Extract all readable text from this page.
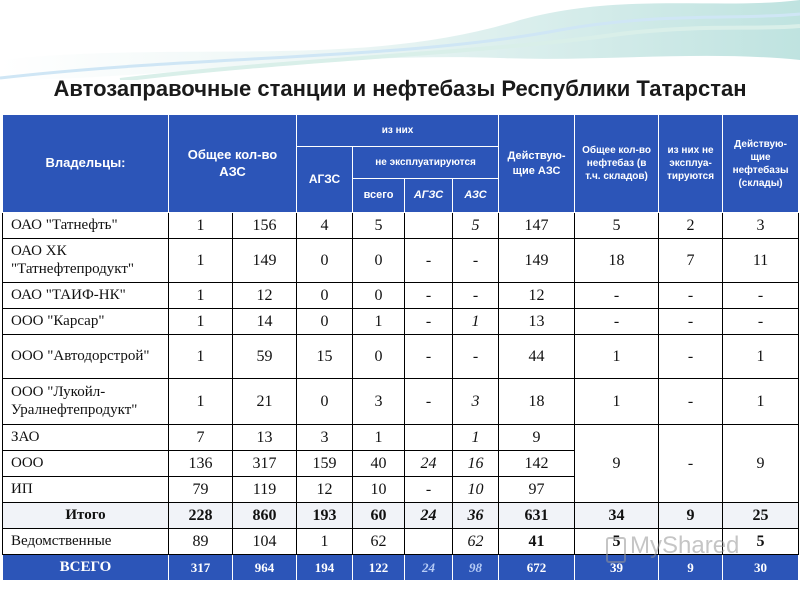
Автозаправочные станции и нефтебазы Республики Татарстан
Владельцы:	Общее кол-во АЗС		из них				Действую-щие АЗС	Общее кол-во нефтебаз (в т.ч. складов)	из них не эксплуа-тируются	Действую-щие нефтебазы (склады)
			АГЗС	не эксплуатируются						
				всего	АГЗС	АЗС				
ОАО "Татнефть"	1	156	4	5		5	147	5	2	3
ОАО ХК "Татнефтепродукт"	1	149	0	0	-	-	149	18	7	11
ОАО "ТАИФ-НК"	1	12	0	0	-	-	12	-	-	-
ООО "Карсар"	1	14	0	1	-	1	13	-	-	-
ООО "Автодорстрой"	1	59	15	0	-	-	44	1	-	1
ООО "Лукойл-Уралнефтепродукт"	1	21	0	3	-	3	18	1	-	1
ЗАО	7	13	3	1		1	9	9	-	9
ООО	136	317	159	40	24	16	142			
ИП	79	119	12	10	-	10	97			
Итого	228	860	193	60	24	36	631	34	9	25
Ведомственные	89	104	1	62		62	41	5		5
ВСЕГО	317	964	194	122	24	98	672	39	9	30
MyShared
